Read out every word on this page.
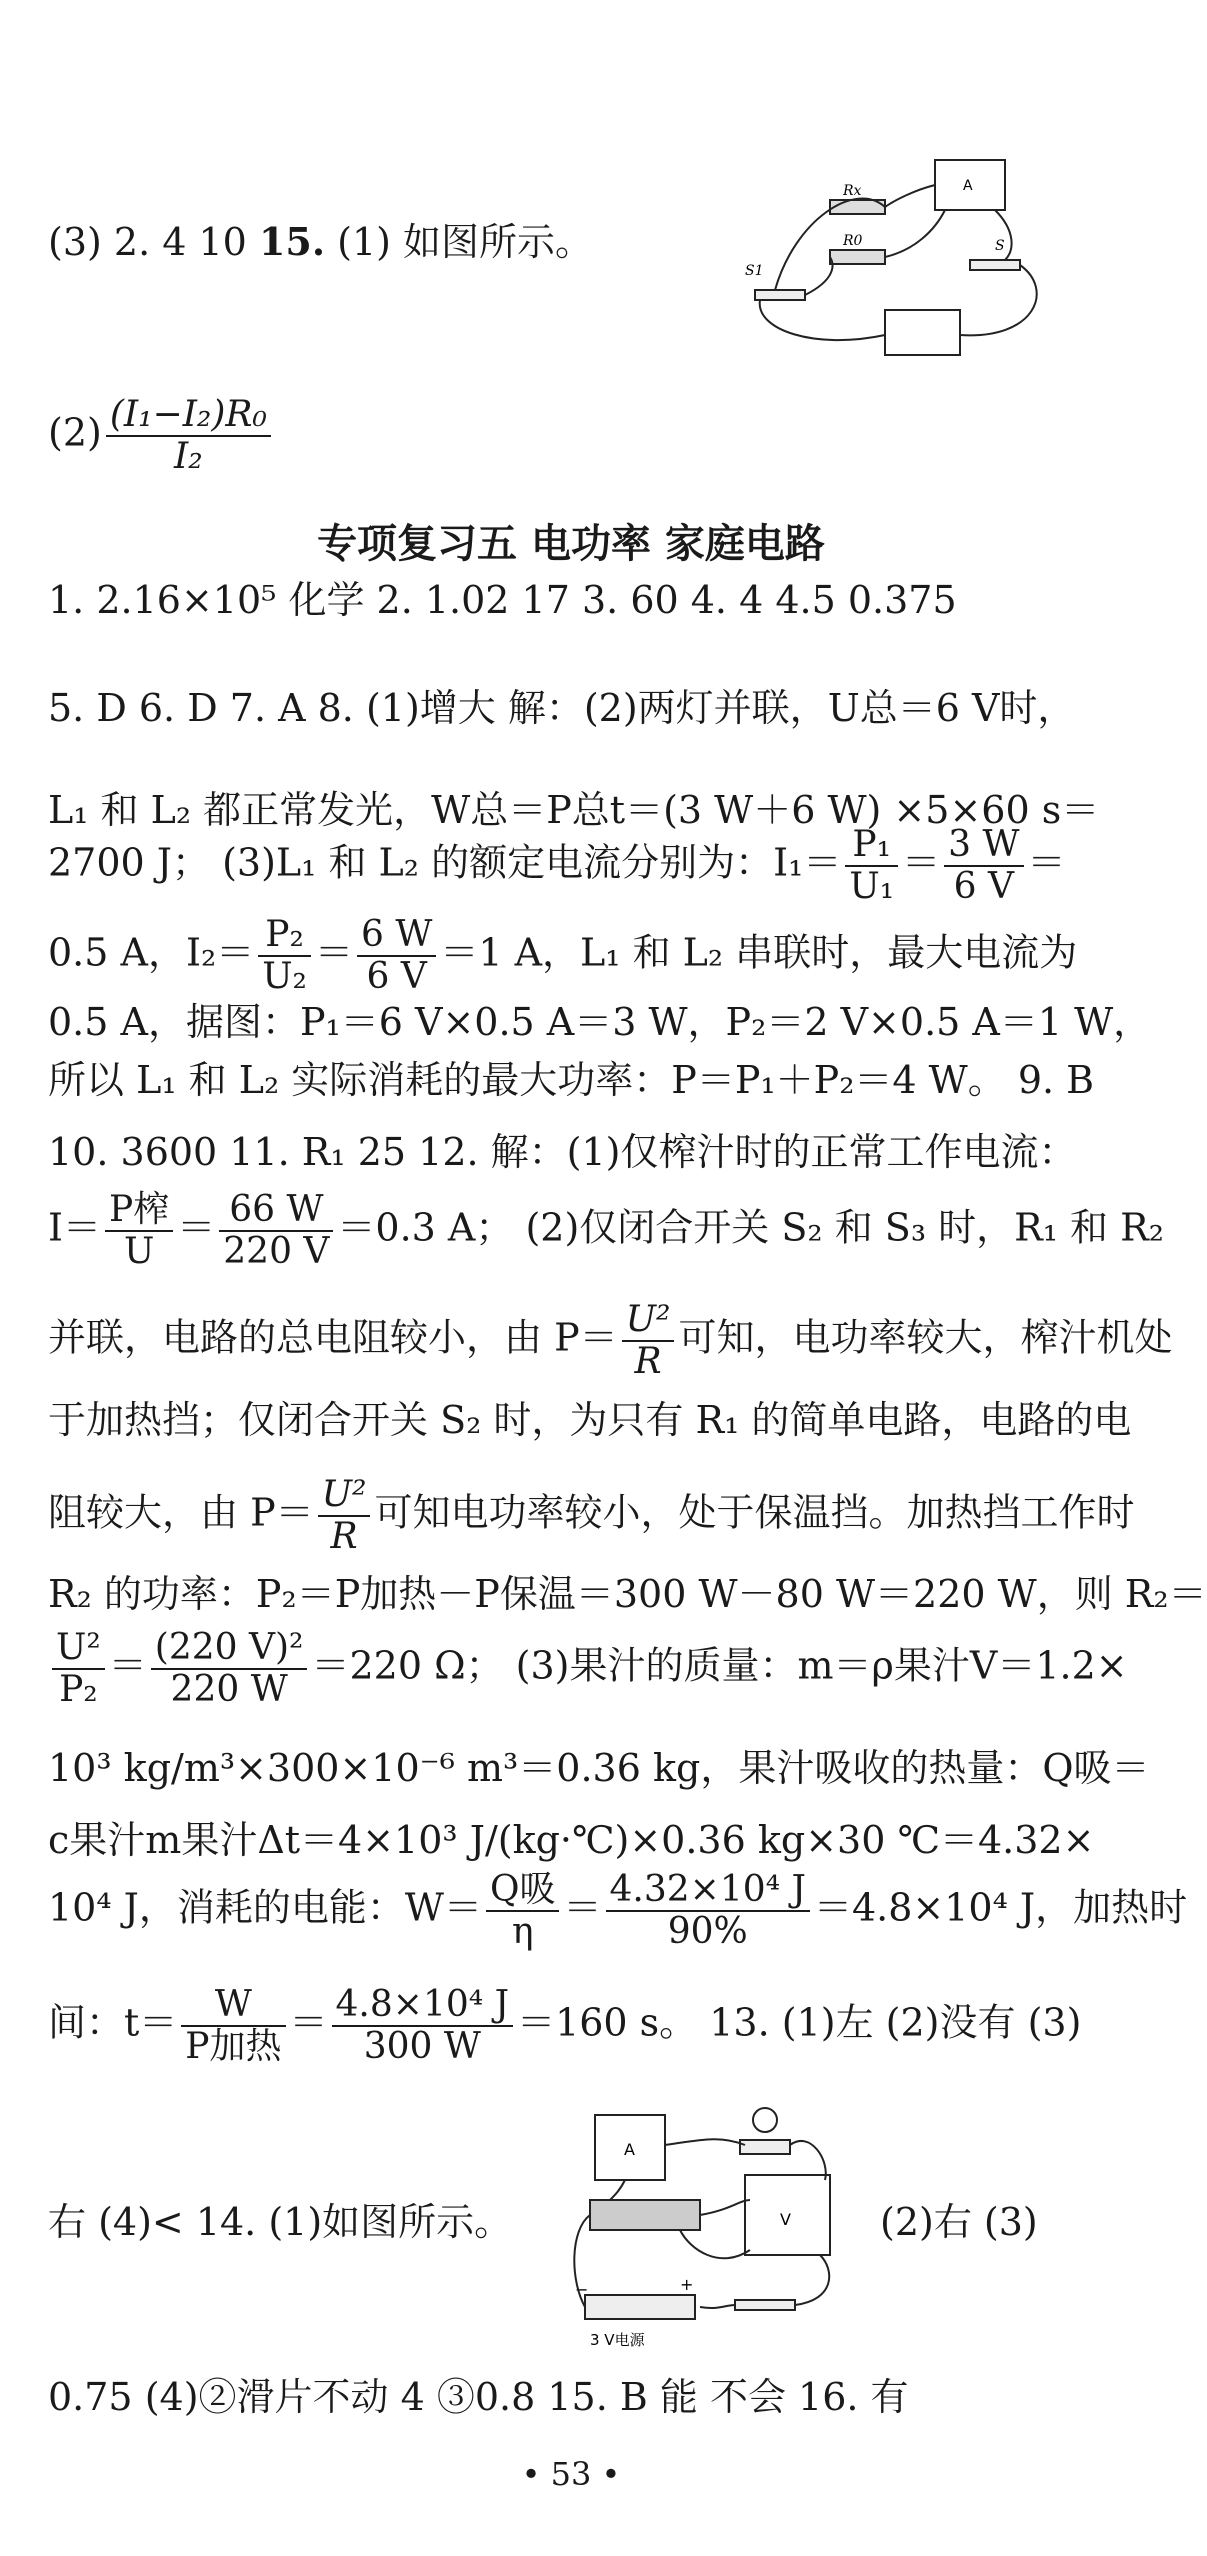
(3) 2. 4 10 15. (1) 如图所示。
A
Rx
R0
S1
S
$(2) \frac{\text{(I₁−I₂)R₀}}{\text{I₂}}$
专项复习五 电功率 家庭电路
1. 2.16×10⁵ 化学 2. 1.02 17 3. 60 4. 4 4.5 0.375
5. D 6. D 7. A 8. (1)增大 解：(2)两灯并联，U总＝6 V时，
L₁ 和 L₂ 都正常发光，W总＝P总t＝(3 W＋6 W) ×5×60 s＝
2700 J； (3)L₁ 和 L₂ 的额定电流分别为：$I_1= \frac{\text{P₁}}{\text{U₁}} = \frac{3 W}{6 V}$ ＝
0.5 A，$I_2= \frac{\text{P₂}}{\text{U₂}} = \frac{6 W}{6 V} =1$ A，L₁ 和 L₂ 串联时，最大电流为
0.5 A，据图：P₁＝6 V×0.5 A＝3 W，P₂＝2 V×0.5 A＝1 W，
所以 L₁ 和 L₂ 实际消耗的最大功率：P＝P₁＋P₂＝4 W。 9. B
10. 3600 11. R₁ 25 12. 解：(1)仅榨汁时的正常工作电流：
$I= \frac{\text{P榨}}{U} = \frac{66 W}{220 V} =0.3$ A； (2)仅闭合开关 S₂ 和 S₃ 时，R₁ 和 R₂
并联，电路的总电阻较小，由 $P= \frac{\text{U²}}{R}$ 可知，电功率较大，榨汁机处
于加热挡；仅闭合开关 S₂ 时，为只有 R₁ 的简单电路，电路的电
阻较大，由 $P= \frac{\text{U²}}{R}$ 可知电功率较小，处于保温挡。加热挡工作时
R₂ 的功率：P₂＝P加热－P保温＝300 W－80 W＝220 W，则 R₂＝
$\frac{\text{U²}}{\text{P₂}} = \frac{\text{(220 V)²}}{220 W} =220$ Ω； (3)果汁的质量：m＝ρ果汁V＝1.2×
10³ kg/m³×300×10⁻⁶ m³＝0.36 kg，果汁吸收的热量：Q吸＝
c果汁m果汁Δt＝4×10³ J/(kg·℃)×0.36 kg×30 ℃＝4.32×
10⁴ J，消耗的电能：$W= \frac{\text{Q吸}}{\eta} = \frac{\text{4.32×10⁴ J}}{90\%} =4.8\times 10^4$ J，加热时
间：$t= \frac{W}{\text{P加热}} = \frac{\text{4.8×10⁴ J}}{300 W} =160$ s。 13. (1)左 (2)没有 (3)
右 (4)< 14. (1)如图所示。	(2)右 (3)
A
V
−	+
3 V电源
0.75 (4)②滑片不动 4 ③0.8 15. B 能 不会 16. 有
• 53 •
